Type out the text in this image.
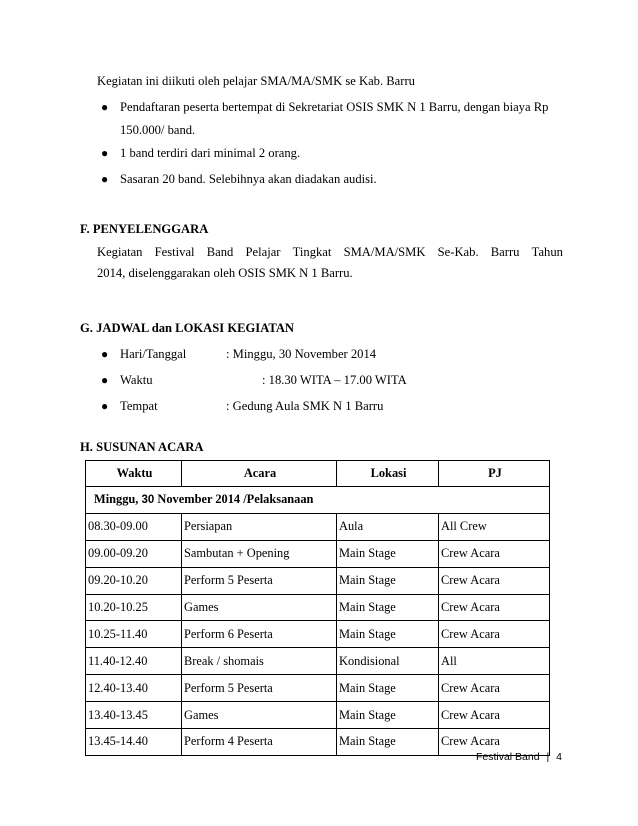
Kegiatan ini diikuti oleh pelajar SMA/MA/SMK se Kab. Barru
● Pendaftaran peserta bertempat di Sekretariat OSIS SMK N 1 Barru, dengan biaya Rp
150.000/ band.
● 1 band terdiri dari minimal 2 orang.
● Sasaran 20 band. Selebihnya akan diadakan audisi.
F. PENYELENGGARA
Kegiatan Festival Band Pelajar Tingkat SMA/MA/SMK Se-Kab. Barru Tahun
2014, diselenggarakan oleh OSIS SMK N 1 Barru.
G. JADWAL dan LOKASI KEGIATAN
● Hari/Tanggal	: Minggu, 30 November 2014
● Waktu	: 18.30 WITA – 17.00 WITA
● Tempat	: Gedung Aula SMK N 1 Barru
H. SUSUNAN ACARA
Waktu	Acara	Lokasi	PJ
Minggu, 30 November 2014 /Pelaksanaan			
08.30-09.00	Persiapan	Aula	All Crew
09.00-09.20	Sambutan + Opening	Main Stage	Crew Acara
09.20-10.20	Perform 5 Peserta	Main Stage	Crew Acara
10.20-10.25	Games	Main Stage	Crew Acara
10.25-11.40	Perform 6 Peserta	Main Stage	Crew Acara
11.40-12.40	Break / shomais	Kondisional	All
12.40-13.40	Perform 5 Peserta	Main Stage	Crew Acara
13.40-13.45	Games	Main Stage	Crew Acara
13.45-14.40	Perform 4 Peserta	Main Stage	Crew Acara
Festival Band | 4
